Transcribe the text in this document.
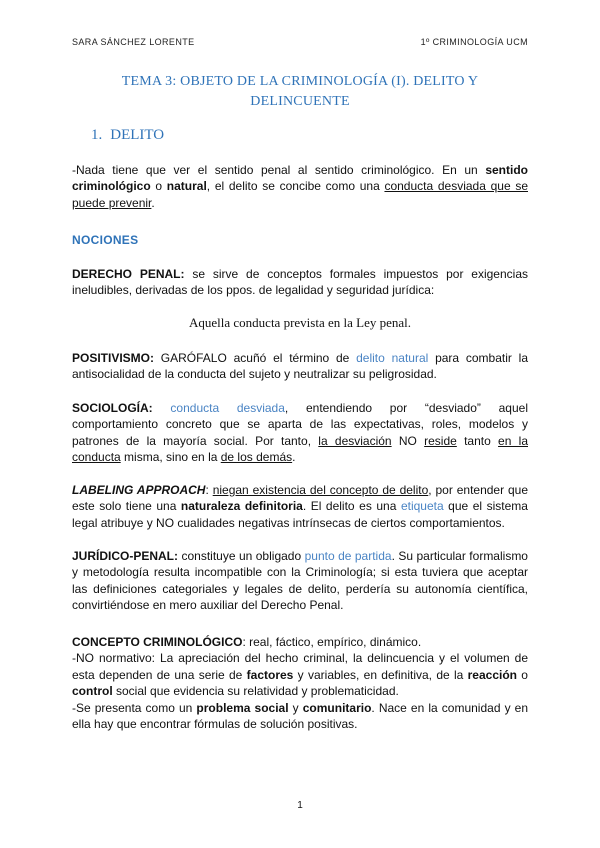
SARA SÁNCHEZ LORENTE	1º CRIMINOLOGÍA UCM
TEMA 3: OBJETO DE LA CRIMINOLOGÍA (I). DELITO Y
DELINCUENTE
1. DELITO
-Nada tiene que ver el sentido penal al sentido criminológico. En un sentido criminológico o natural, el delito se concibe como una conducta desviada que se puede prevenir.
NOCIONES
DERECHO PENAL: se sirve de conceptos formales impuestos por exigencias ineludibles, derivadas de los ppos. de legalidad y seguridad jurídica:
Aquella conducta prevista en la Ley penal.
POSITIVISMO: GARÓFALO acuñó el término de delito natural para combatir la antisocialidad de la conducta del sujeto y neutralizar su peligrosidad.
SOCIOLOGÍA: conducta desviada, entendiendo por “desviado” aquel comportamiento concreto que se aparta de las expectativas, roles, modelos y patrones de la mayoría social. Por tanto, la desviación NO reside tanto en la conducta misma, sino en la de los demás.
LABELING APPROACH: niegan existencia del concepto de delito, por entender que este solo tiene una naturaleza definitoria. El delito es una etiqueta que el sistema legal atribuye y NO cualidades negativas intrínsecas de ciertos comportamientos.
JURÍDICO-PENAL: constituye un obligado punto de partida. Su particular formalismo y metodología resulta incompatible con la Criminología; si esta tuviera que aceptar las definiciones categoriales y legales de delito, perdería su autonomía científica, convirtiéndose en mero auxiliar del Derecho Penal.
CONCEPTO CRIMINOLÓGICO: real, fáctico, empírico, dinámico.
-NO normativo: La apreciación del hecho criminal, la delincuencia y el volumen de esta dependen de una serie de factores y variables, en definitiva, de la reacción o control social que evidencia su relatividad y problematicidad.
-Se presenta como un problema social y comunitario. Nace en la comunidad y en ella hay que encontrar fórmulas de solución positivas.
1
